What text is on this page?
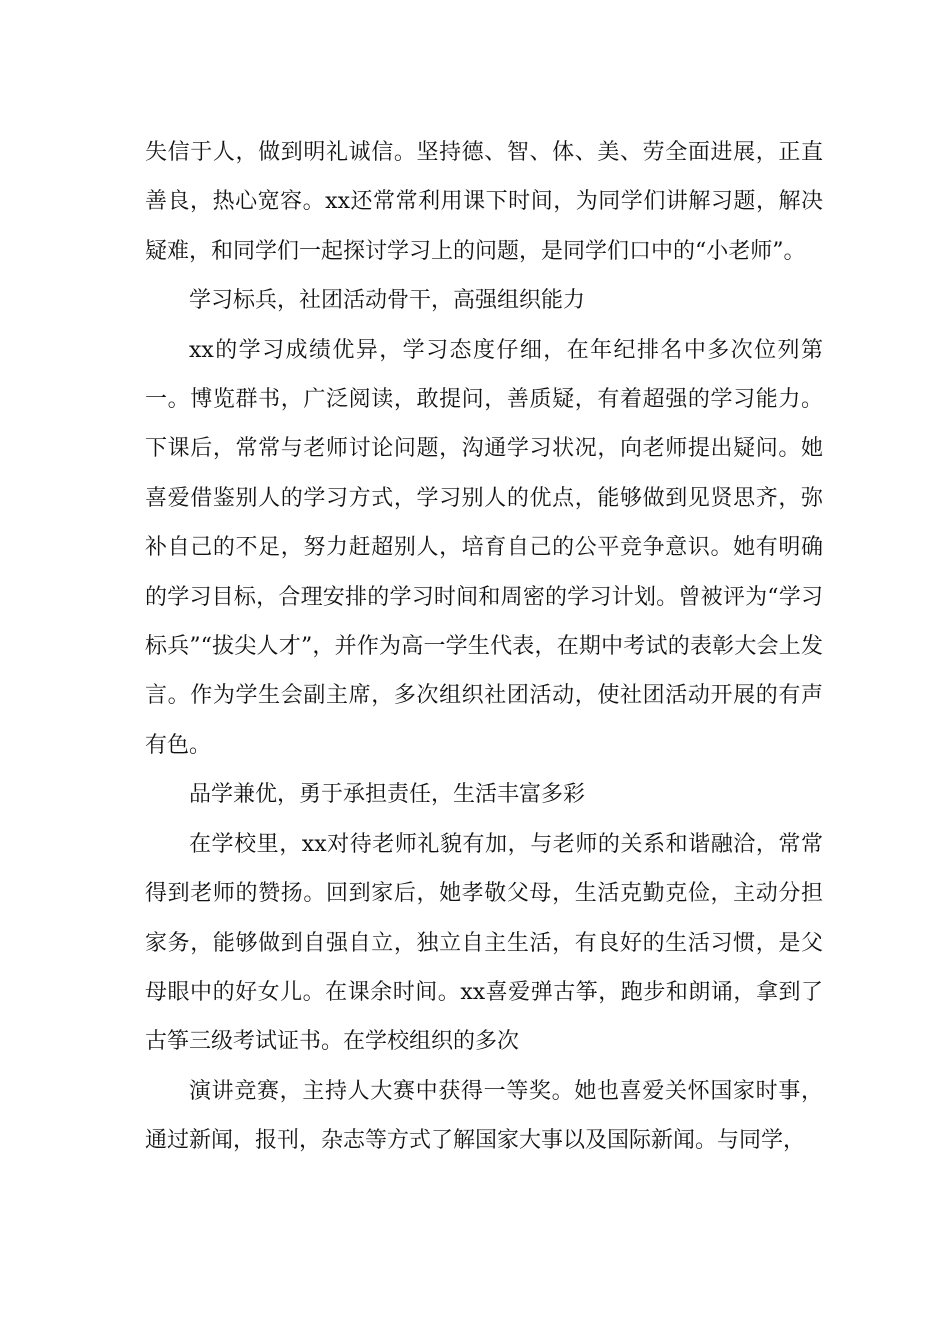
失信于人，做到明礼诚信。坚持德、智、体、美、劳全面进展，正直善良，热心宽容。xx还常常利用课下时间，为同学们讲解习题，解决疑难，和同学们一起探讨学习上的问题，是同学们口中的“小老师”。

学习标兵，社团活动骨干，高强组织能力

xx的学习成绩优异，学习态度仔细，在年纪排名中多次位列第一。博览群书，广泛阅读，敢提问，善质疑，有着超强的学习能力。下课后，常常与老师讨论问题，沟通学习状况，向老师提出疑问。她喜爱借鉴别人的学习方式，学习别人的优点，能够做到见贤思齐，弥补自己的不足，努力赶超别人，培育自己的公平竞争意识。她有明确的学习目标，合理安排的学习时间和周密的学习计划。曾被评为“学习标兵”“拔尖人才”，并作为高一学生代表，在期中考试的表彰大会上发言。作为学生会副主席，多次组织社团活动，使社团活动开展的有声有色。

品学兼优，勇于承担责任，生活丰富多彩

在学校里，xx对待老师礼貌有加，与老师的关系和谐融洽，常常得到老师的赞扬。回到家后，她孝敬父母，生活克勤克俭，主动分担家务，能够做到自强自立，独立自主生活，有良好的生活习惯，是父母眼中的好女儿。在课余时间。xx喜爱弹古筝，跑步和朗诵，拿到了古筝三级考试证书。在学校组织的多次

演讲竞赛，主持人大赛中获得一等奖。她也喜爱关怀国家时事，通过新闻，报刊，杂志等方式了解国家大事以及国际新闻。与同学，
